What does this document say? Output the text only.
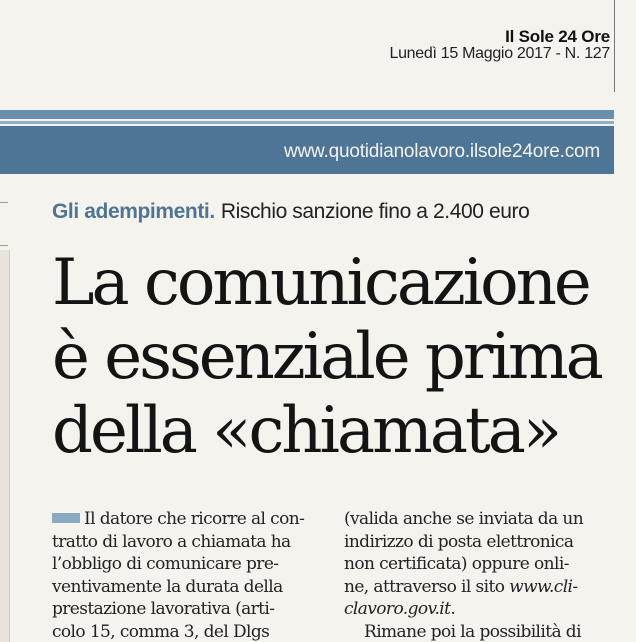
Il Sole 24 Ore
Lunedì 15 Maggio 2017 - N. 127
www.quotidianolavoro.ilsole24ore.com
Gli adempimenti. Rischio sanzione fino a 2.400 euro
La comunicazione
è essenziale prima
della «chiamata»
Il datore che ricorre al con-
tratto di lavoro a chiamata ha
l’obbligo di comunicare pre-
ventivamente la durata della
prestazione lavorativa (arti-
colo 15, comma 3, del Dlgs
(valida anche se inviata da un
indirizzo di posta elettronica
non certificata) oppure onli-
ne, attraverso il sito www.cli-
clavoro.gov.it.
Rimane poi la possibilità di
